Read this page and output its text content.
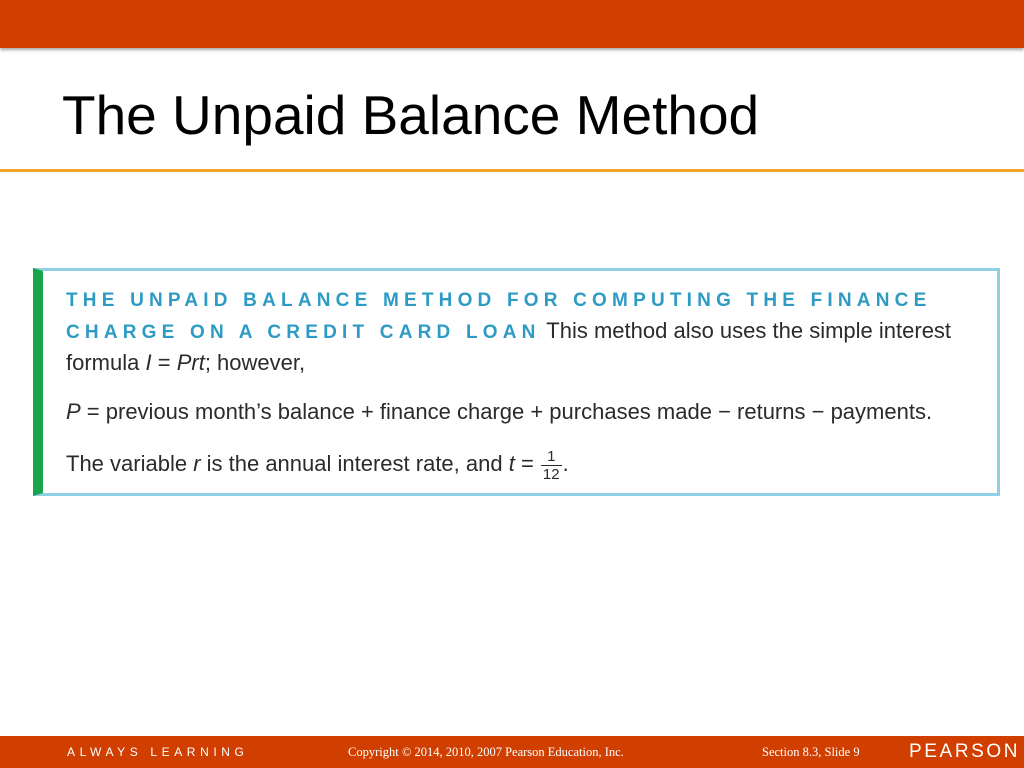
The Unpaid Balance Method
THE UNPAID BALANCE METHOD FOR COMPUTING THE FINANCE
CHARGE ON A CREDIT CARD LOAN This method also uses the simple interest
formula I = Prt; however,
P = previous month’s balance + finance charge + purchases made − returns − payments.
The variable r is the annual interest rate, and $t = \frac{1}{12}$ .
ALWAYS LEARNING	Copyright © 2014, 2010, 2007 Pearson Education, Inc.	Section 8.3, Slide 9	PEARSON
